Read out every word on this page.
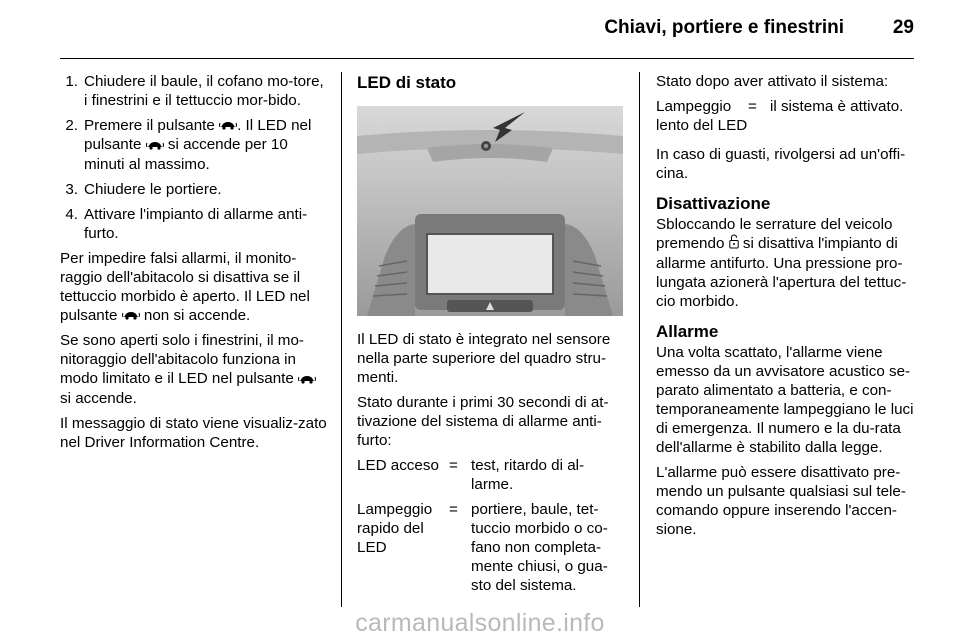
Chiavi, portiere e finestrini	29
1. Chiudere il baule, il cofano mo-tore, i finestrini e il tettuccio mor-bido.
2. Premere il pulsante . Il LED nel pulsante si accende per 10 minuti al massimo.
3. Chiudere le portiere.
4. Attivare l'impianto di allarme anti-furto.

Per impedire falsi allarmi, il monito-raggio dell'abitacolo si disattiva se il tettuccio morbido è aperto. Il LED nel pulsante non si accende.

Se sono aperti solo i finestrini, il mo-nitoraggio dell'abitacolo funziona in modo limitato e il LED nel pulsante  si accende.

Il messaggio di stato viene visualiz-zato nel Driver Information Centre.

LED di stato

Il LED di stato è integrato nel sensore nella parte superiore del quadro stru-menti.

Stato durante i primi 30 secondi di at-tivazione del sistema di allarme anti-furto:

LED acceso = test, ritardo di al-larme.
Lampeggio rapido del LED
= portiere, baule, tet-tuccio morbido o co-fano non completa-mente chiusi, o gua-sto del sistema.

Stato dopo aver attivato il sistema:

Lampeggio lento del LED
= il sistema è attivato.

In caso di guasti, rivolgersi ad un'offi-cina.

Disattivazione

Sbloccando le serrature del veicolo premendo si disattiva l'impianto di allarme antifurto. Una pressione pro-lungata azionerà l'apertura del tettuc-cio morbido.

Allarme

Una volta scattato, l'allarme viene emesso da un avvisatore acustico se-parato alimentato a batteria, e con-temporaneamente lampeggiano le luci di emergenza. Il numero e la du-rata dell'allarme è stabilito dalla legge.

L'allarme può essere disattivato pre-mendo un pulsante qualsiasi sul tele-comando oppure inserendo l'accen-sione.

carmanualsonline.info
